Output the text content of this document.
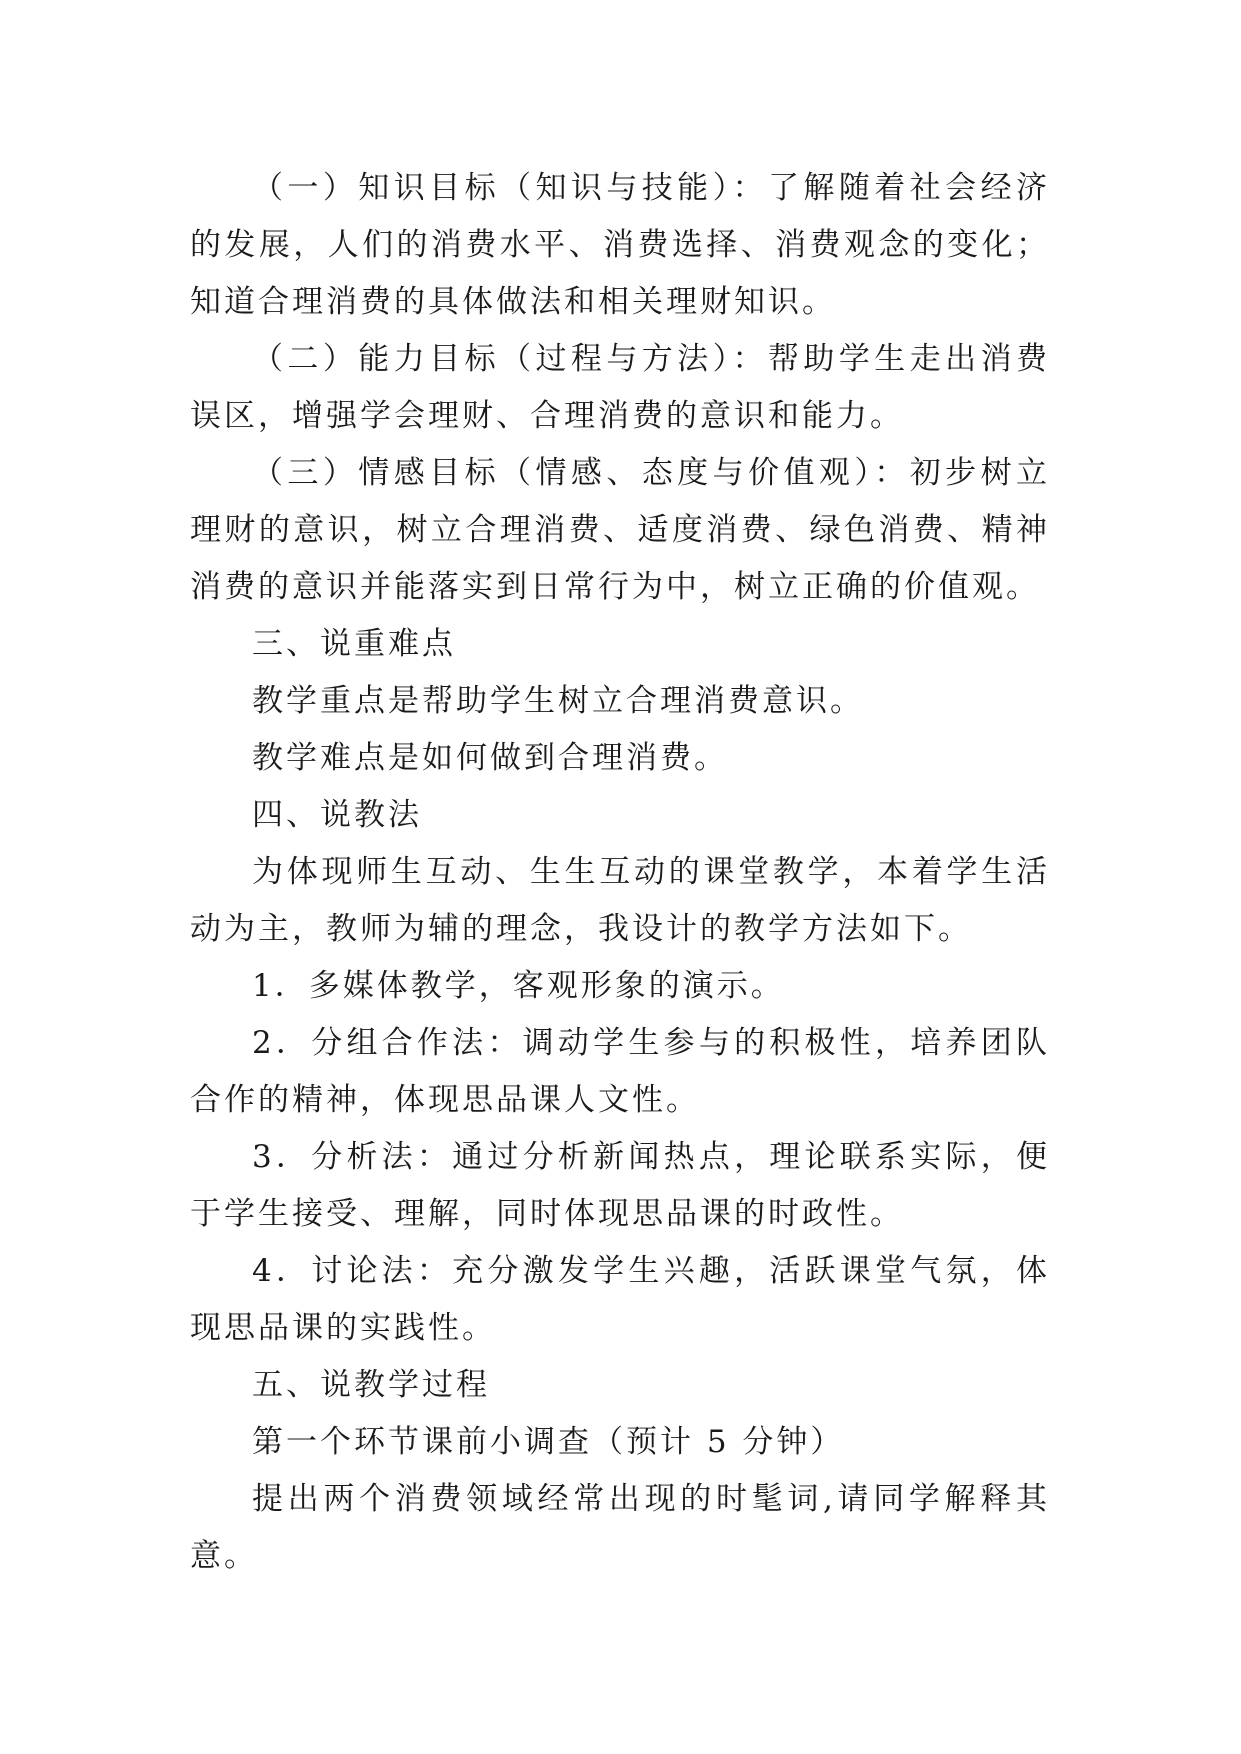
（一）知识目标（知识与技能）：了解随着社会经济的发展，人们的消费水平、消费选择、消费观念的变化；知道合理消费的具体做法和相关理财知识。

（二）能力目标（过程与方法）：帮助学生走出消费误区，增强学会理财、合理消费的意识和能力。

（三）情感目标（情感、态度与价值观）：初步树立理财的意识，树立合理消费、适度消费、绿色消费、精神消费的意识并能落实到日常行为中，树立正确的价值观。

三、说重难点

教学重点是帮助学生树立合理消费意识。

教学难点是如何做到合理消费。

四、说教法

为体现师生互动、生生互动的课堂教学，本着学生活动为主，教师为辅的理念，我设计的教学方法如下。

1．多媒体教学，客观形象的演示。

2．分组合作法：调动学生参与的积极性，培养团队合作的精神，体现思品课人文性。

3．分析法：通过分析新闻热点，理论联系实际，便于学生接受、理解，同时体现思品课的时政性。

4．讨论法：充分激发学生兴趣，活跃课堂气氛，体现思品课的实践性。

五、说教学过程

第一个环节课前小调查（预计 5 分钟）

提出两个消费领域经常出现的时髦词,请同学解释其意。
